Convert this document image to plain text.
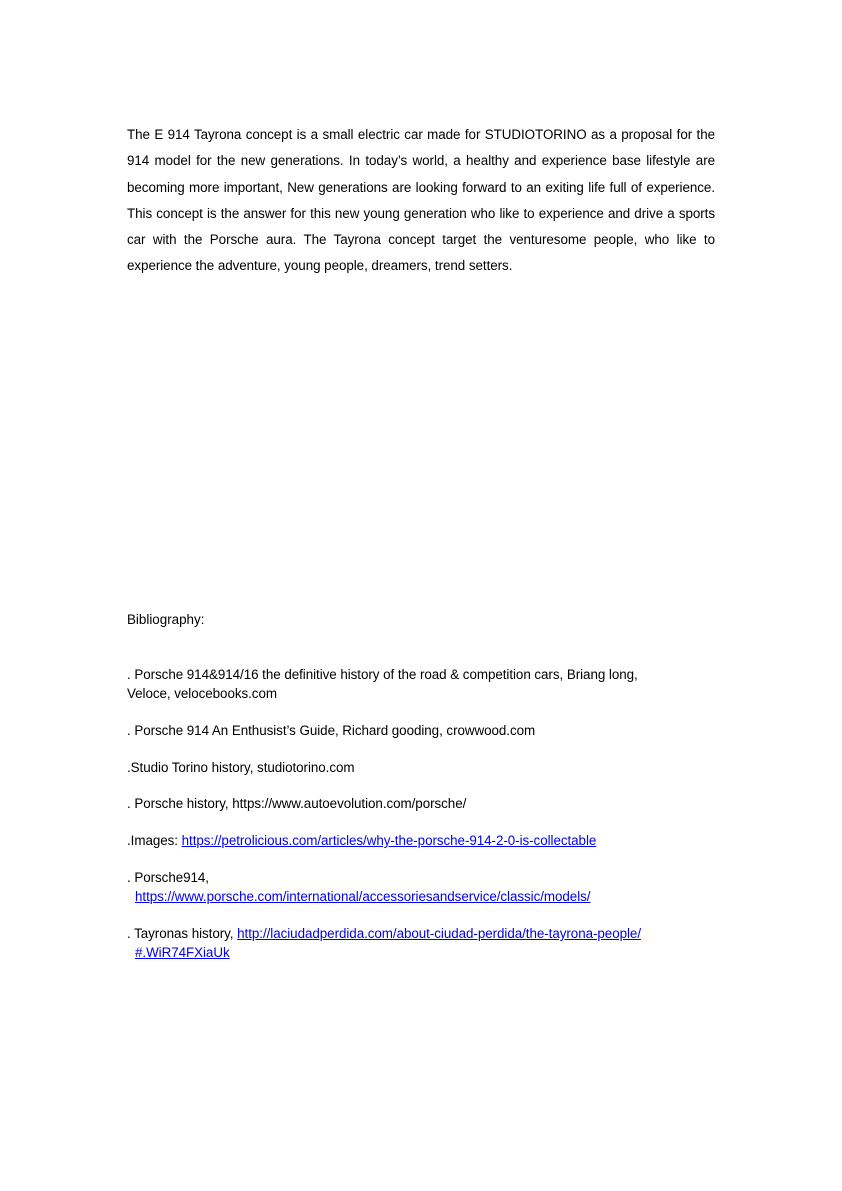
The E 914 Tayrona concept is a small electric car made for STUDIOTORINO as a proposal for the 914 model for the new generations. In today’s world, a healthy and experience base lifestyle are becoming more important, New generations are looking forward to an exiting life full of experience. This concept is the answer for this new young generation who like to experience and drive a sports car with the Porsche aura. The Tayrona concept target the venturesome people, who like to experience the adventure, young people, dreamers, trend setters.

Bibliography:
. Porsche 914&914/16 the definitive history of the road & competition cars, Briang long,
Veloce, velocebooks.com
. Porsche 914 An Enthusist’s Guide, Richard gooding, crowwood.com
.Studio Torino history, studiotorino.com
. Porsche history, https://www.autoevolution.com/porsche/
.Images: https://petrolicious.com/articles/why-the-porsche-914-2-0-is-collectable
. Porsche914,
https://www.porsche.com/international/accessoriesandservice/classic/models/
. Tayronas history, http://laciudadperdida.com/about-ciudad-perdida/the-tayrona-people/
#.WiR74FXiaUk
